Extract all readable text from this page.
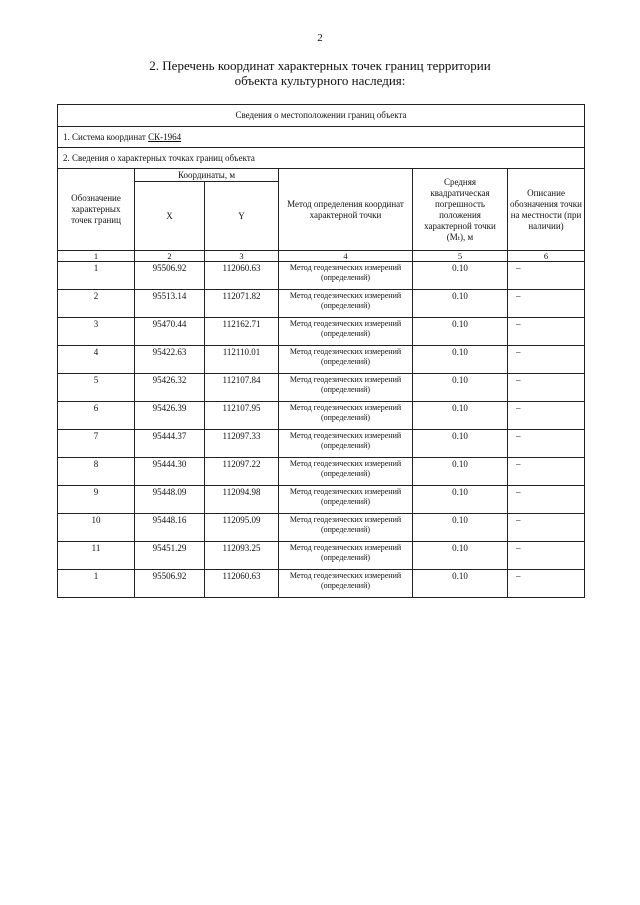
2
2. Перечень координат характерных точек границ территории
объекта культурного наследия:
Сведения о местоположении границ объекта					
1. Система координат СК-1964					
2. Сведения о характерных точках границ объекта					
Обозначение характерных точек границ	Координаты, м		Метод определения координат характерной точки	Средняя квадратическая погрешность положения характерной точки (Mₜ), м	Описание обозначения точки на местности (при наличии)
	X	Y			
1	2	3	4	5	6
1	95506.92	112060.63	Метод геодезических измерений (определений)	0.10	–

2	95513.14	112071.82	Метод геодезических измерений (определений)	0.10	–

3	95470.44	112162.71	Метод геодезических измерений (определений)	0.10	–

4	95422.63	112110.01	Метод геодезических измерений (определений)	0.10	–

5	95426.32	112107.84	Метод геодезических измерений (определений)	0.10	–

6	95426.39	112107.95	Метод геодезических измерений (определений)	0.10	–

7	95444.37	112097.33	Метод геодезических измерений (определений)	0.10	–

8	95444.30	112097.22	Метод геодезических измерений (определений)	0.10	–

9	95448.09	112094.98	Метод геодезических измерений (определений)	0.10	–

10	95448.16	112095.09	Метод геодезических измерений (определений)	0.10	–

11	95451.29	112093.25	Метод геодезических измерений (определений)	0.10	–

1	95506.92	112060.63	Метод геодезических измерений (определений)	0.10	–
